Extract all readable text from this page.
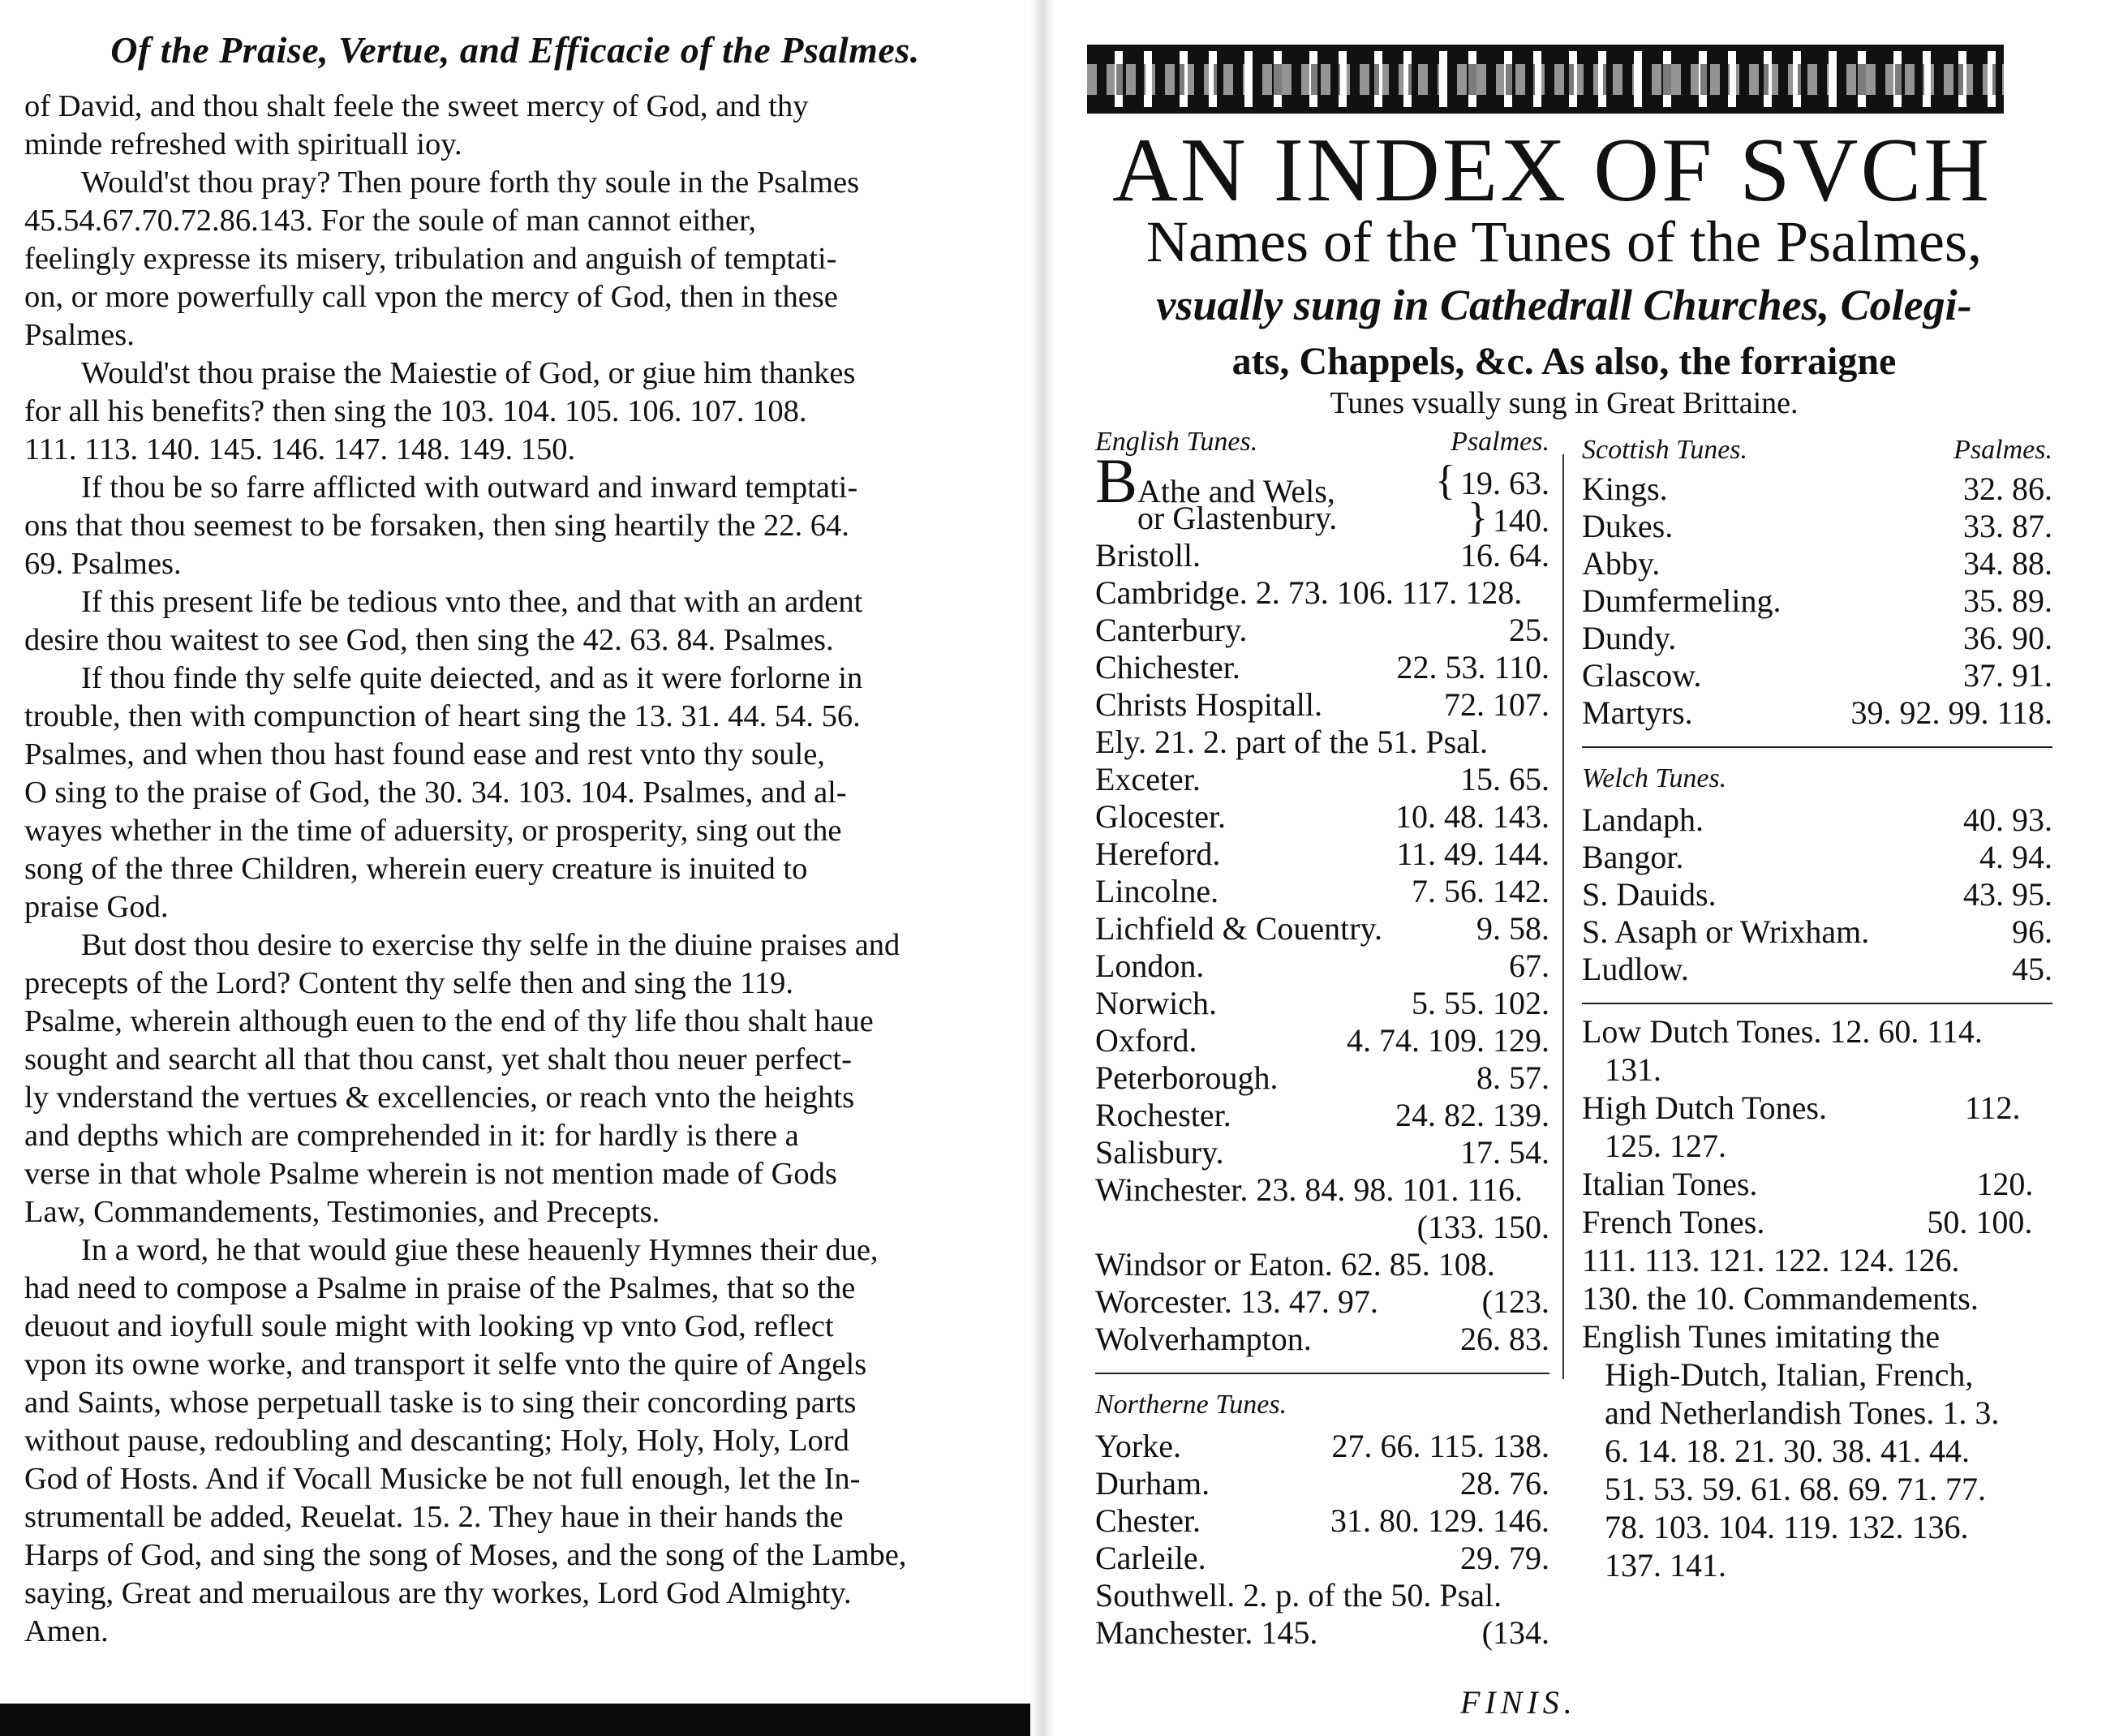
Of the Praise, Vertue, and Efficacie of the Psalmes.
of David, and thou shalt feele the sweet mercy of God, and thy
minde refreshed with spirituall ioy.
Would'st thou pray? Then poure forth thy soule in the Psalmes
45.54.67.70.72.86.143. For the soule of man cannot either,
feelingly expresse its misery, tribulation and anguish of temptati-
on, or more powerfully call vpon the mercy of God, then in these
Psalmes.
Would'st thou praise the Maiestie of God, or giue him thankes
for all his benefits? then sing the 103. 104. 105. 106. 107. 108.
111. 113. 140. 145. 146. 147. 148. 149. 150.
If thou be so farre afflicted with outward and inward temptati-
ons that thou seemest to be forsaken, then sing heartily the 22. 64.
69. Psalmes.
If this present life be tedious vnto thee, and that with an ardent
desire thou waitest to see God, then sing the 42. 63. 84. Psalmes.
If thou finde thy selfe quite deiected, and as it were forlorne in
trouble, then with compunction of heart sing the 13. 31. 44. 54. 56.
Psalmes, and when thou hast found ease and rest vnto thy soule,
O sing to the praise of God, the 30. 34. 103. 104. Psalmes, and al-
wayes whether in the time of aduersity, or prosperity, sing out the
song of the three Children, wherein euery creature is inuited to
praise God.
But dost thou desire to exercise thy selfe in the diuine praises and
precepts of the Lord? Content thy selfe then and sing the 119.
Psalme, wherein although euen to the end of thy life thou shalt haue
sought and searcht all that thou canst, yet shalt thou neuer perfect-
ly vnderstand the vertues & excellencies, or reach vnto the heights
and depths which are comprehended in it: for hardly is there a
verse in that whole Psalme wherein is not mention made of Gods
Law, Commandements, Testimonies, and Precepts.
In a word, he that would giue these heauenly Hymnes their due,
had need to compose a Psalme in praise of the Psalmes, that so the
deuout and ioyfull soule might with looking vp vnto God, reflect
vpon its owne worke, and transport it selfe vnto the quire of Angels
and Saints, whose perpetuall taske is to sing their concording parts
without pause, redoubling and descanting; Holy, Holy, Holy, Lord
God of Hosts. And if Vocall Musicke be not full enough, let the In-
strumentall be added, Reuelat. 15. 2. They haue in their hands the
Harps of God, and sing the song of Moses, and the song of the Lambe,
saying, Great and meruailous are thy workes, Lord God Almighty.
Amen.
AN INDEX OF SVCH
Names of the Tunes of the Psalmes,
vsually sung in Cathedrall Churches, Colegi-
ats, Chappels, &c. As also, the forraigne
Tunes vsually sung in Great Brittaine.
English Tunes.	Psalmes.
BAthe and Wels, { 19. 63.
or Glastenbury.	} 140.
Bristoll.	16. 64.
Cambridge. 2. 73. 106. 117. 128.
Canterbury.	25.
Chichester.	22. 53. 110.
Christs Hospitall.	72. 107.
Ely. 21. 2. part of the 51. Psal.
Exceter.	15. 65.
Glocester.	10. 48. 143.
Hereford.	11. 49. 144.
Lincolne.	7. 56. 142.
Lichfield & Couentry.	9. 58.
London.	67.
Norwich.	5. 55. 102.
Oxford.	4. 74. 109. 129.
Peterborough.	8. 57.
Rochester.	24. 82. 139.
Salisbury.	17. 54.
Winchester. 23. 84. 98. 101. 116.
(133. 150.
Windsor or Eaton. 62. 85. 108.
Worcester. 13. 47. 97.	(123.
Wolverhampton.	26. 83.
Northerne Tunes.
Yorke.	27. 66. 115. 138.
Durham.	28. 76.
Chester.	31. 80. 129. 146.
Carleile.	29. 79.
Southwell. 2. p. of the 50. Psal.
Manchester. 145.	(134.
Scottish Tunes.	Psalmes.
Kings.	32. 86.
Dukes.	33. 87.
Abby.	34. 88.
Dumfermeling.	35. 89.
Dundy.	36. 90.
Glascow.	37. 91.
Martyrs.	39. 92. 99. 118.
Welch Tunes.
Landaph.	40. 93.
Bangor.	4. 94.
S. Dauids.	43. 95.
S. Asaph or Wrixham.	96.
Ludlow.	45.
Low Dutch Tones. 12. 60. 114.
131.
High Dutch Tones.                 112.
125. 127.
Italian Tones.                           120.
French Tones.                    50. 100.
111. 113. 121. 122. 124. 126.
130. the 10. Commandements.
English Tunes imitating the
High-Dutch, Italian, French,
and Netherlandish Tones. 1. 3.
6. 14. 18. 21. 30. 38. 41. 44.
51. 53. 59. 61. 68. 69. 71. 77.
78. 103. 104. 119. 132. 136.
137. 141.
FINIS.
